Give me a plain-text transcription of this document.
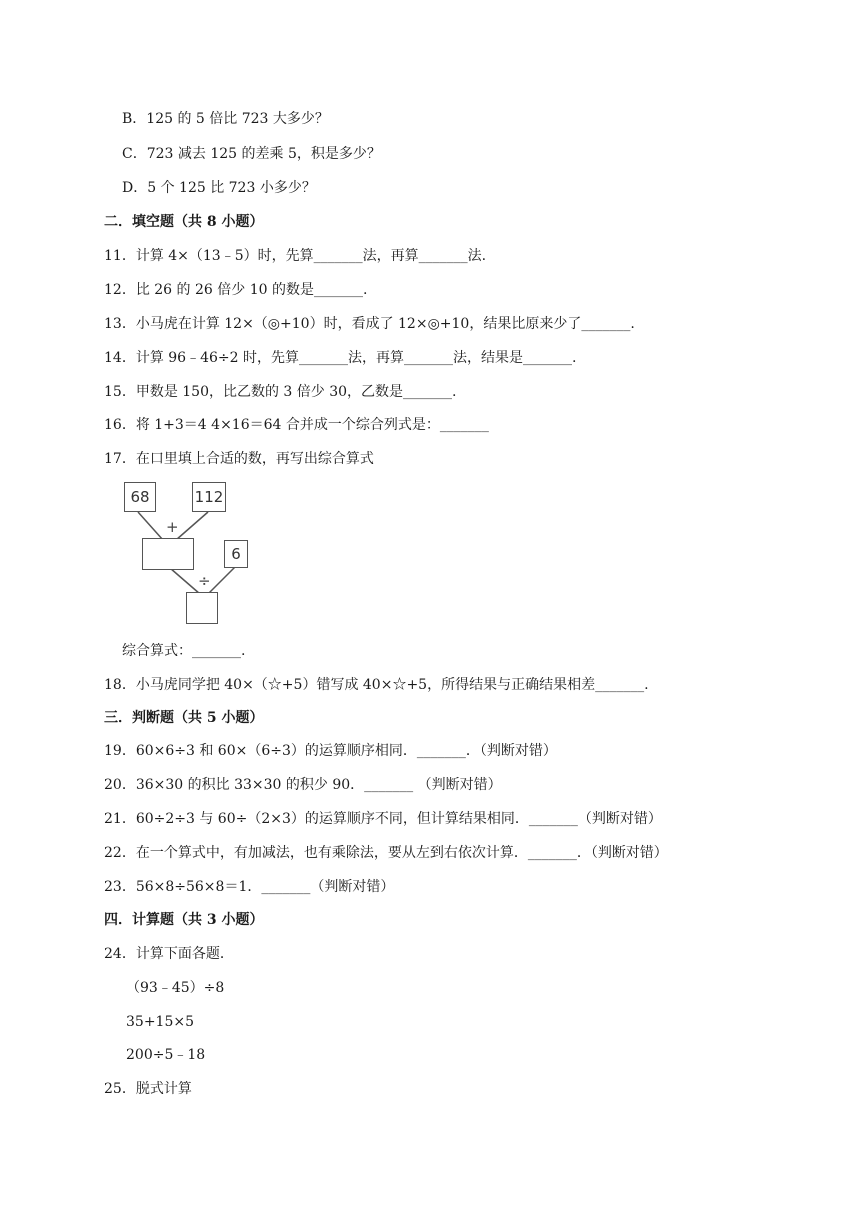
B．125 的 5 倍比 723 大多少？
C．723 减去 125 的差乘 5，积是多少？
D．5 个 125 比 723 小多少？
二．填空题（共 8 小题）
11．计算 4×（13﹣5）时，先算_______法，再算_______法.
12．比 26 的 26 倍少 10 的数是_______.
13．小马虎在计算 12×（◎+10）时，看成了 12×◎+10，结果比原来少了_______.
14．计算 96﹣46÷2 时，先算_______法，再算_______法，结果是_______.
15．甲数是 150，比乙数的 3 倍少 30，乙数是_______.
16．将 1+3＝4 4×16＝64 合并成一个综合列式是：_______
17．在口里填上合适的数，再写出综合算式
68	112
+
6
÷
综合算式：_______.
18．小马虎同学把 40×（☆+5）错写成 40×☆+5，所得结果与正确结果相差_______.
三．判断题（共 5 小题）
19．60×6÷3 和 60×（6÷3）的运算顺序相同．_______．（判断对错）
20．36×30 的积比 33×30 的积少 90．_______ （判断对错）
21．60÷2÷3 与 60÷（2×3）的运算顺序不同，但计算结果相同．_______（判断对错）
22．在一个算式中，有加减法，也有乘除法，要从左到右依次计算．_______．（判断对错）
23．56×8÷56×8＝1．_______（判断对错）
四．计算题（共 3 小题）
24．计算下面各题．
（93﹣45）÷8
35+15×5
200÷5﹣18
25．脱式计算
